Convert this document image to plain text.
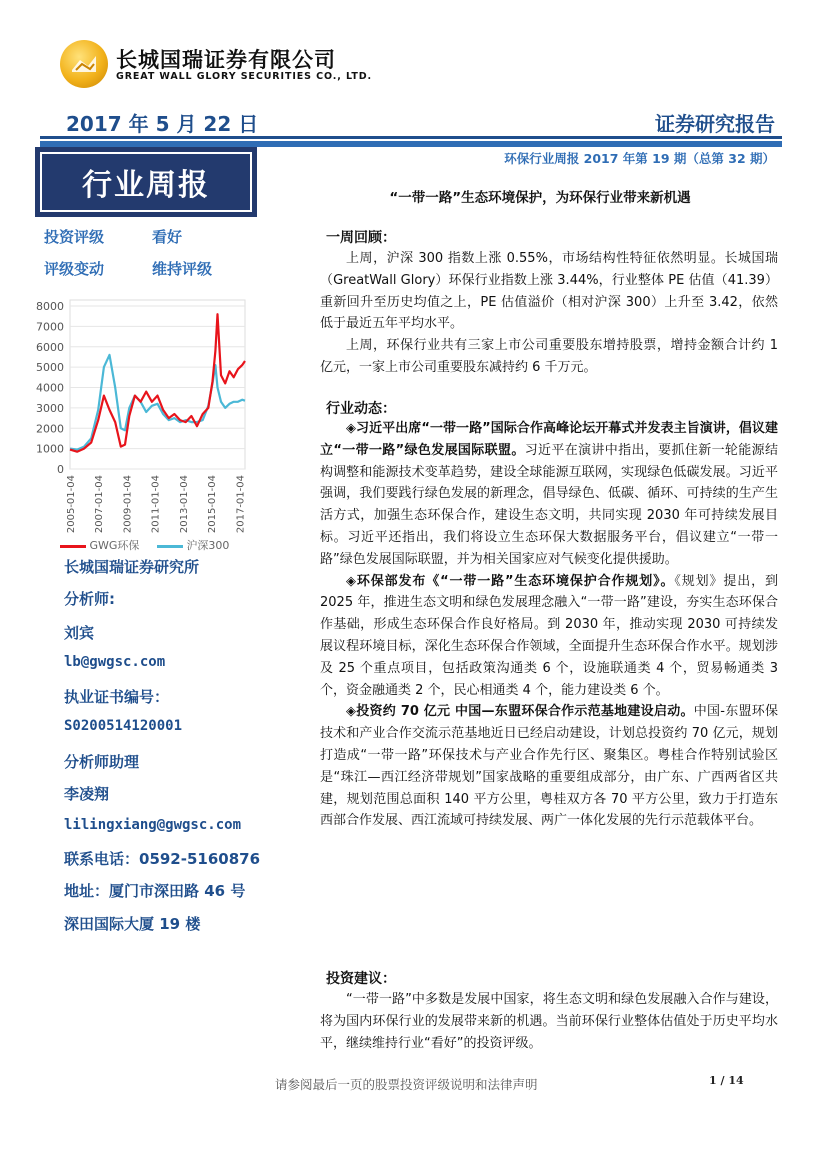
长城国瑞证券有限公司
GREAT WALL GLORY SECURITIES CO., LTD.
2017 年 5 月 22 日	证券研究报告
环保行业周报 2017 年第 19 期（总第 32 期）
行业周报	“一带一路”生态环境保护，为环保行业带来新机遇
投资评级	看好
评级变动	维持评级
8000
7000
6000
5000
4000
3000
2000
1000
0
2005-01-04 2007-01-04 2009-01-04 2011-01-04 2013-01-04 2015-01-04 2017-01-04
GWG环保	沪深300
长城国瑞证券研究所
分析师:
刘宾
lb@gwgsc.com
执业证书编号：
S0200514120001
分析师助理
李凌翔
lilingxiang@gwgsc.com
联系电话：0592-5160876
地址：厦门市深田路 46 号
深田国际大厦 19 楼
一周回顾：

上周，沪深 300 指数上涨 0.55%，市场结构性特征依然明显。长城国瑞（GreatWall Glory）环保行业指数上涨 3.44%，行业整体 PE 估值（41.39）重新回升至历史均值之上，PE 估值溢价（相对沪深 300）上升至 3.42，依然低于最近五年平均水平。

上周，环保行业共有三家上市公司重要股东增持股票，增持金额合计约 1 亿元，一家上市公司重要股东减持约 6 千万元。

行业动态：

◈习近平出席“一带一路”国际合作高峰论坛开幕式并发表主旨演讲，倡议建立“一带一路”绿色发展国际联盟。习近平在演讲中指出，要抓住新一轮能源结构调整和能源技术变革趋势，建设全球能源互联网，实现绿色低碳发展。习近平强调，我们要践行绿色发展的新理念，倡导绿色、低碳、循环、可持续的生产生活方式，加强生态环保合作，建设生态文明，共同实现 2030 年可持续发展目标。习近平还指出，我们将设立生态环保大数据服务平台，倡议建立“一带一路”绿色发展国际联盟，并为相关国家应对气候变化提供援助。

◈环保部发布《“一带一路”生态环境保护合作规划》。《规划》提出，到 2025 年，推进生态文明和绿色发展理念融入“一带一路”建设，夯实生态环保合作基础，形成生态环保合作良好格局。到 2030 年，推动实现 2030 可持续发展议程环境目标，深化生态环保合作领域，全面提升生态环保合作水平。规划涉及 25 个重点项目，包括政策沟通类 6 个，设施联通类 4 个，贸易畅通类 3 个，资金融通类 2 个，民心相通类 4 个，能力建设类 6 个。

◈投资约 70 亿元 中国—东盟环保合作示范基地建设启动。中国-东盟环保技术和产业合作交流示范基地近日已经启动建设，计划总投资约 70 亿元，规划打造成“一带一路”环保技术与产业合作先行区、聚集区。粤桂合作特别试验区是“珠江—西江经济带规划”国家战略的重要组成部分，由广东、广西两省区共建，规划范围总面积 140 平方公里，粤桂双方各 70 平方公里，致力于打造东西部合作发展、西江流域可持续发展、两广一体化发展的先行示范载体平台。

投资建议：

“一带一路”中多数是发展中国家，将生态文明和绿色发展融入合作与建设，将为国内环保行业的发展带来新的机遇。当前环保行业整体估值处于历史平均水平，继续维持行业“看好”的投资评级。

请参阅最后一页的股票投资评级说明和法律声明	1 / 14
